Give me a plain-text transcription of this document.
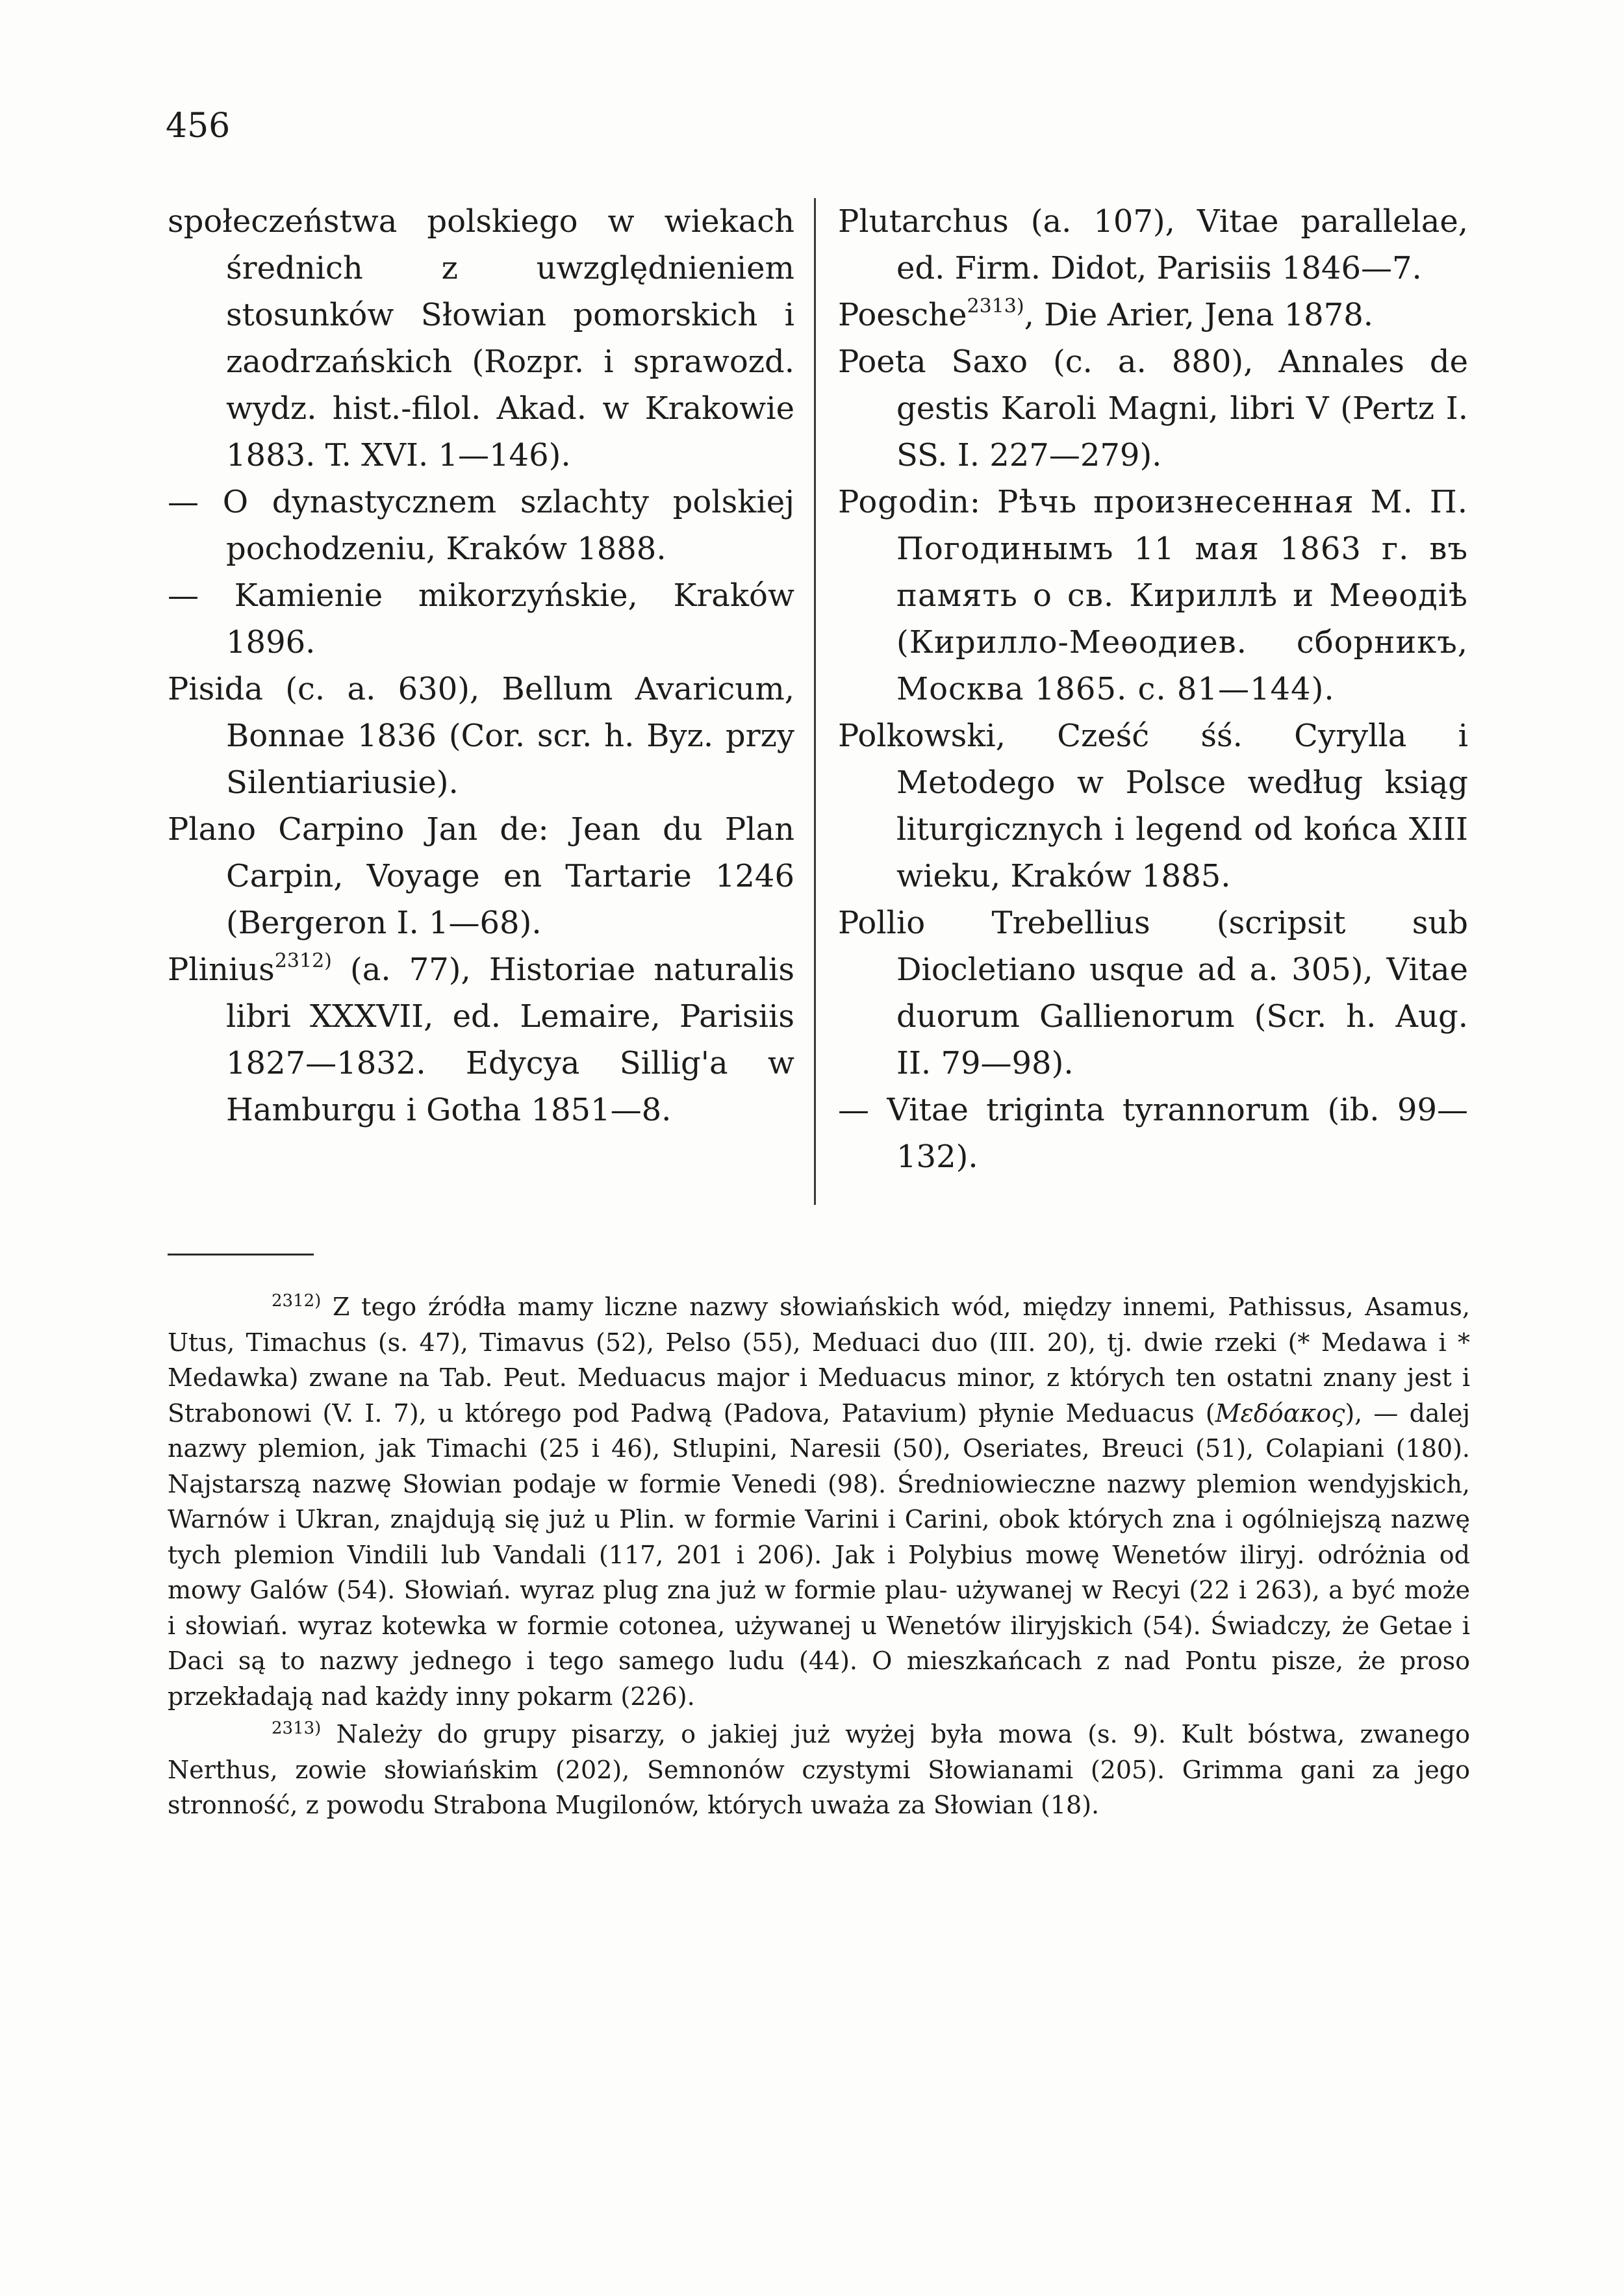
456

społeczeństwa polskiego w wiekach średnich z uwzględnieniem stosunków Słowian pomorskich i zaodrzańskich (Rozpr. i sprawozd. wydz. hist.-filol. Akad. w Krakowie 1883. T. XVI. 1—146).

— O dynastycznem szlachty polskiej pochodzeniu, Kraków 1888.

— Kamienie mikorzyńskie, Kraków 1896.

Pisida (c. a. 630), Bellum Avaricum, Bonnae 1836 (Cor. scr. h. Byz. przy Silentiariusie).

Plano Carpino Jan de: Jean du Plan Carpin, Voyage en Tartarie 1246 (Bergeron I. 1—68).

Plinius$^{2312)}$ (a. 77), Historiae naturalis libri XXXVII, ed. Lemaire, Parisiis 1827—1832. Edycya Sillig'a w Hamburgu i Gotha 1851—8.

Plutarchus (a. 107), Vitae parallelae, ed. Firm. Didot, Parisiis 1846—7.

Poesche$^{2313)}$, Die Arier, Jena 1878.

Poeta Saxo (c. a. 880), Annales de gestis Karoli Magni, libri V (Pertz I. SS. I. 227—279).

Pogodin: Рѣчь произнесенная М. П. Погодинымъ 11 мая 1863 г. въ память о св. Кириллѣ и Меѳодіѣ (Кирилло-Меѳодиев. сборникъ, Москва 1865. c. 81—144).

Polkowski, Cześć śś. Cyrylla i Metodego w Polsce według ksiąg liturgicznych i legend od końca XIII wieku, Kraków 1885.

Pollio Trebellius (scripsit sub Diocletiano usque ad a. 305), Vitae duorum Gallienorum (Scr. h. Aug. II. 79—98).

— Vitae triginta tyrannorum (ib. 99—132).

$^{2312)}$ Z tego źródła mamy liczne nazwy słowiańskich wód, między innemi, Pathissus, Asamus, Utus, Timachus (s. 47), Timavus (52), Pelso (55), Meduaci duo (III. 20), tj. dwie rzeki (* Medawa i * Medawka) zwane na Tab. Peut. Meduacus major i Meduacus minor, z których ten ostatni znany jest i Strabonowi (V. I. 7), u którego pod Padwą (Padova, Patavium) płynie Meduacus (Μεδόακος), — dalej nazwy plemion, jak Timachi (25 i 46), Stlupini, Naresii (50), Oseriates, Breuci (51), Colapiani (180). Najstarszą nazwę Słowian podaje w formie Venedi (98). Średniowieczne nazwy plemion wendyjskich, Warnów i Ukran, znajdują się już u Plin. w formie Varini i Carini, obok których zna i ogólniejszą nazwę tych plemion Vindili lub Vandali (117, 201 i 206). Jak i Polybius mowę Wenetów iliryj. odróżnia od mowy Galów (54). Słowiań. wyraz plug zna już w formie plau- używanej w Recyi (22 i 263), a być może i słowiań. wyraz kotewka w formie cotonea, używanej u Wenetów iliryjskich (54). Świadczy, że Getae i Daci są to nazwy jednego i tego samego ludu (44). O mieszkańcach z nad Pontu pisze, że proso przekładają nad każdy inny pokarm (226).

$^{2313)}$ Należy do grupy pisarzy, o jakiej już wyżej była mowa (s. 9). Kult bóstwa, zwanego Nerthus, zowie słowiańskim (202), Semnonów czystymi Słowianami (205). Grimma gani za jego stronność, z powodu Strabona Mugilonów, których uważa za Słowian (18).
